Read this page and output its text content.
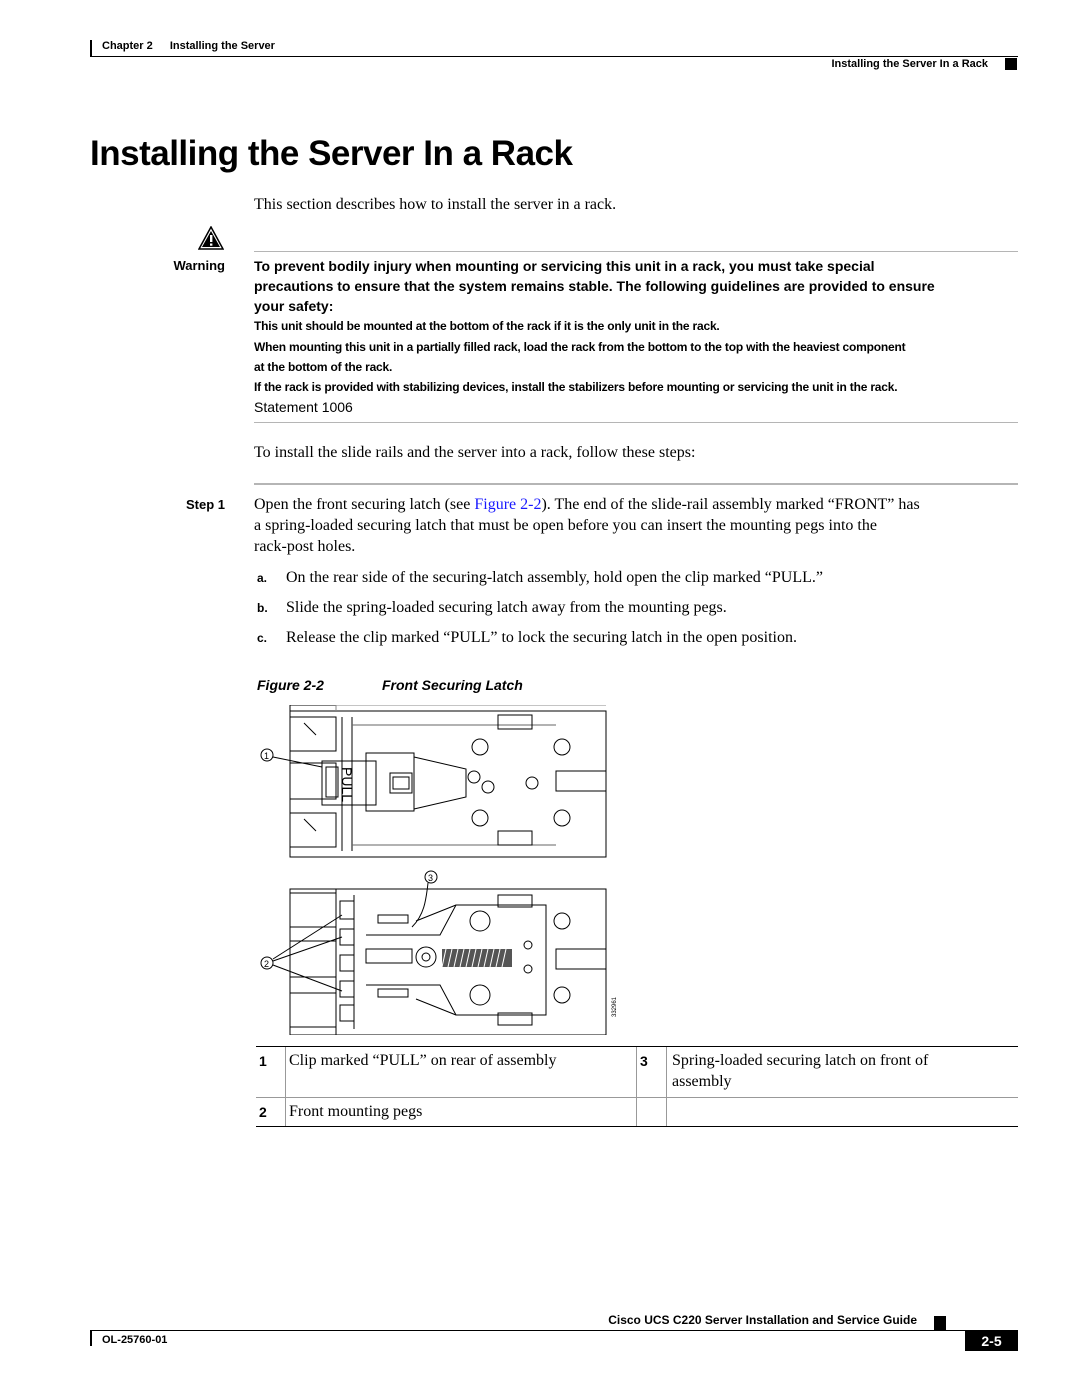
Chapter 2 Installing the Server
Installing the Server In a Rack
Installing the Server In a Rack
This section describes how to install the server in a rack.
Warning To prevent bodily injury when mounting or servicing this unit in a rack, you must take special
precautions to ensure that the system remains stable. The following guidelines are provided to ensure
your safety:
This unit should be mounted at the bottom of the rack if it is the only unit in the rack.
When mounting this unit in a partially filled rack, load the rack from the bottom to the top with the heaviest component
at the bottom of the rack.
If the rack is provided with stabilizing devices, install the stabilizers before mounting or servicing the unit in the rack.
Statement 1006
To install the slide rails and the server into a rack, follow these steps:
Step 1 Open the front securing latch (see Figure 2-2). The end of the slide-rail assembly marked “FRONT” has
a spring-loaded securing latch that must be open before you can insert the mounting pegs into the
rack-post holes.
a. On the rear side of the securing-latch assembly, hold open the clip marked “PULL.”
b. Slide the spring-loaded securing latch away from the mounting pegs.
c. Release the clip marked “PULL” to lock the securing latch in the open position.
Figure 2-2	Front Securing Latch
PULL
1
2
3
332961
1 Clip marked “PULL” on rear of assembly	3 Spring-loaded securing latch on front of
assembly
2 Front mounting pegs
Cisco UCS C220 Server Installation and Service Guide
OL-25760-01	2-5
